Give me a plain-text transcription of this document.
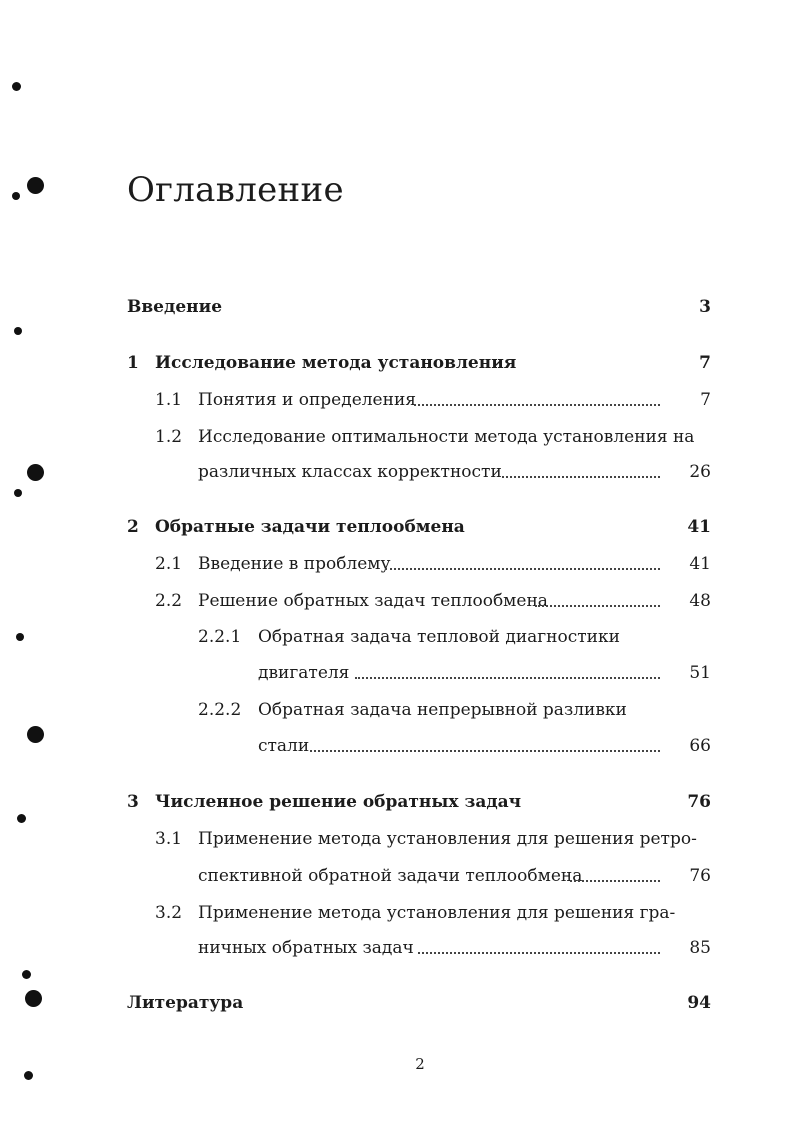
Оглавление
Введение	3
1 Исследование метода установления	7
1.1 Понятия и определения	7
1.2 Исследование оптимальности метода установления на
различных классах корректности	26
2 Обратные задачи теплообмена	41
2.1 Введение в проблему	41
2.2 Решение обратных задач теплообмена	48
2.2.1 Обратная задача тепловой диагностики
двигателя	51
2.2.2 Обратная задача непрерывной разливки
стали	66
3 Численное решение обратных задач	76
3.1 Применение метода установления для решения ретро-
спективной обратной задачи теплообмена	76
3.2 Применение метода установления для решения гра-
ничных обратных задач	85
Литература	94
2
